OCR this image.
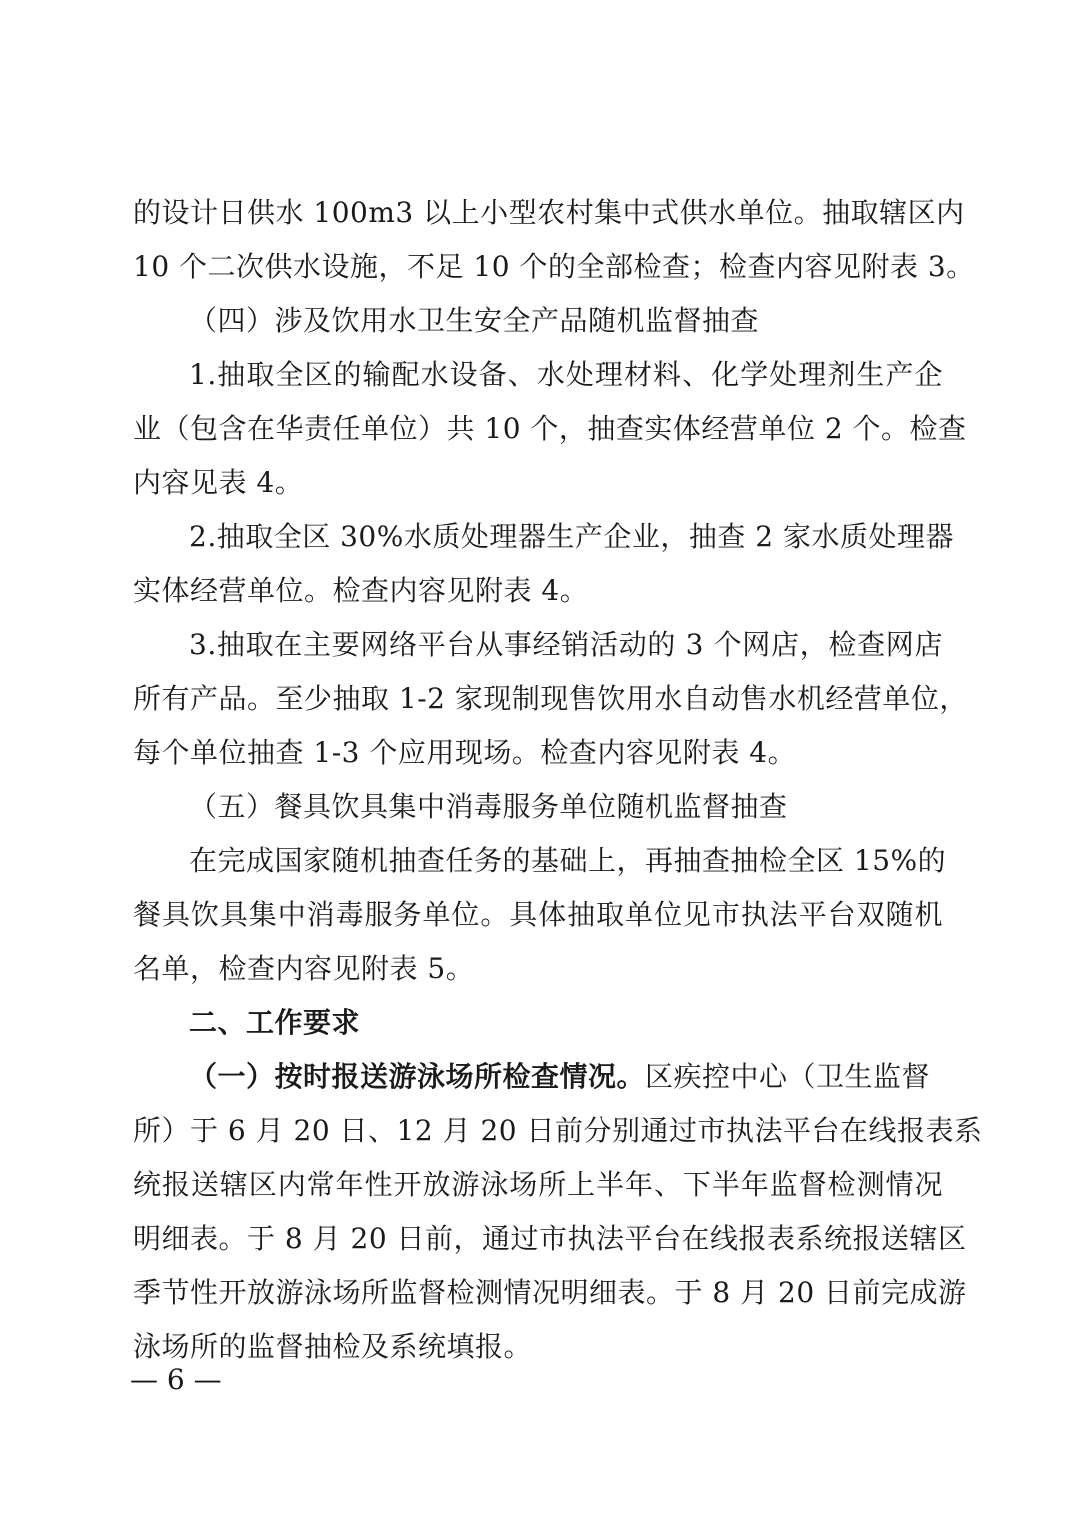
的设计日供水 100m3 以上小型农村集中式供水单位。抽取辖区内
10 个二次供水设施，不足 10 个的全部检查；检查内容见附表 3。
（四）涉及饮用水卫生安全产品随机监督抽查
1.抽取全区的输配水设备、水处理材料、化学处理剂生产企
业（包含在华责任单位）共 10 个，抽查实体经营单位 2 个。检查
内容见表 4。
2.抽取全区 30%水质处理器生产企业，抽查 2 家水质处理器
实体经营单位。检查内容见附表 4。
3.抽取在主要网络平台从事经销活动的 3 个网店，检查网店
所有产品。至少抽取 1-2 家现制现售饮用水自动售水机经营单位，
每个单位抽查 1-3 个应用现场。检查内容见附表 4。
（五）餐具饮具集中消毒服务单位随机监督抽查
在完成国家随机抽查任务的基础上，再抽查抽检全区 15%的
餐具饮具集中消毒服务单位。具体抽取单位见市执法平台双随机
名单，检查内容见附表 5。
二、工作要求
（一）按时报送游泳场所检查情况。区疾控中心（卫生监督
所）于 6 月 20 日、12 月 20 日前分别通过市执法平台在线报表系
统报送辖区内常年性开放游泳场所上半年、下半年监督检测情况
明细表。于 8 月 20 日前，通过市执法平台在线报表系统报送辖区
季节性开放游泳场所监督检测情况明细表。于 8 月 20 日前完成游
泳场所的监督抽检及系统填报。
— 6 —
